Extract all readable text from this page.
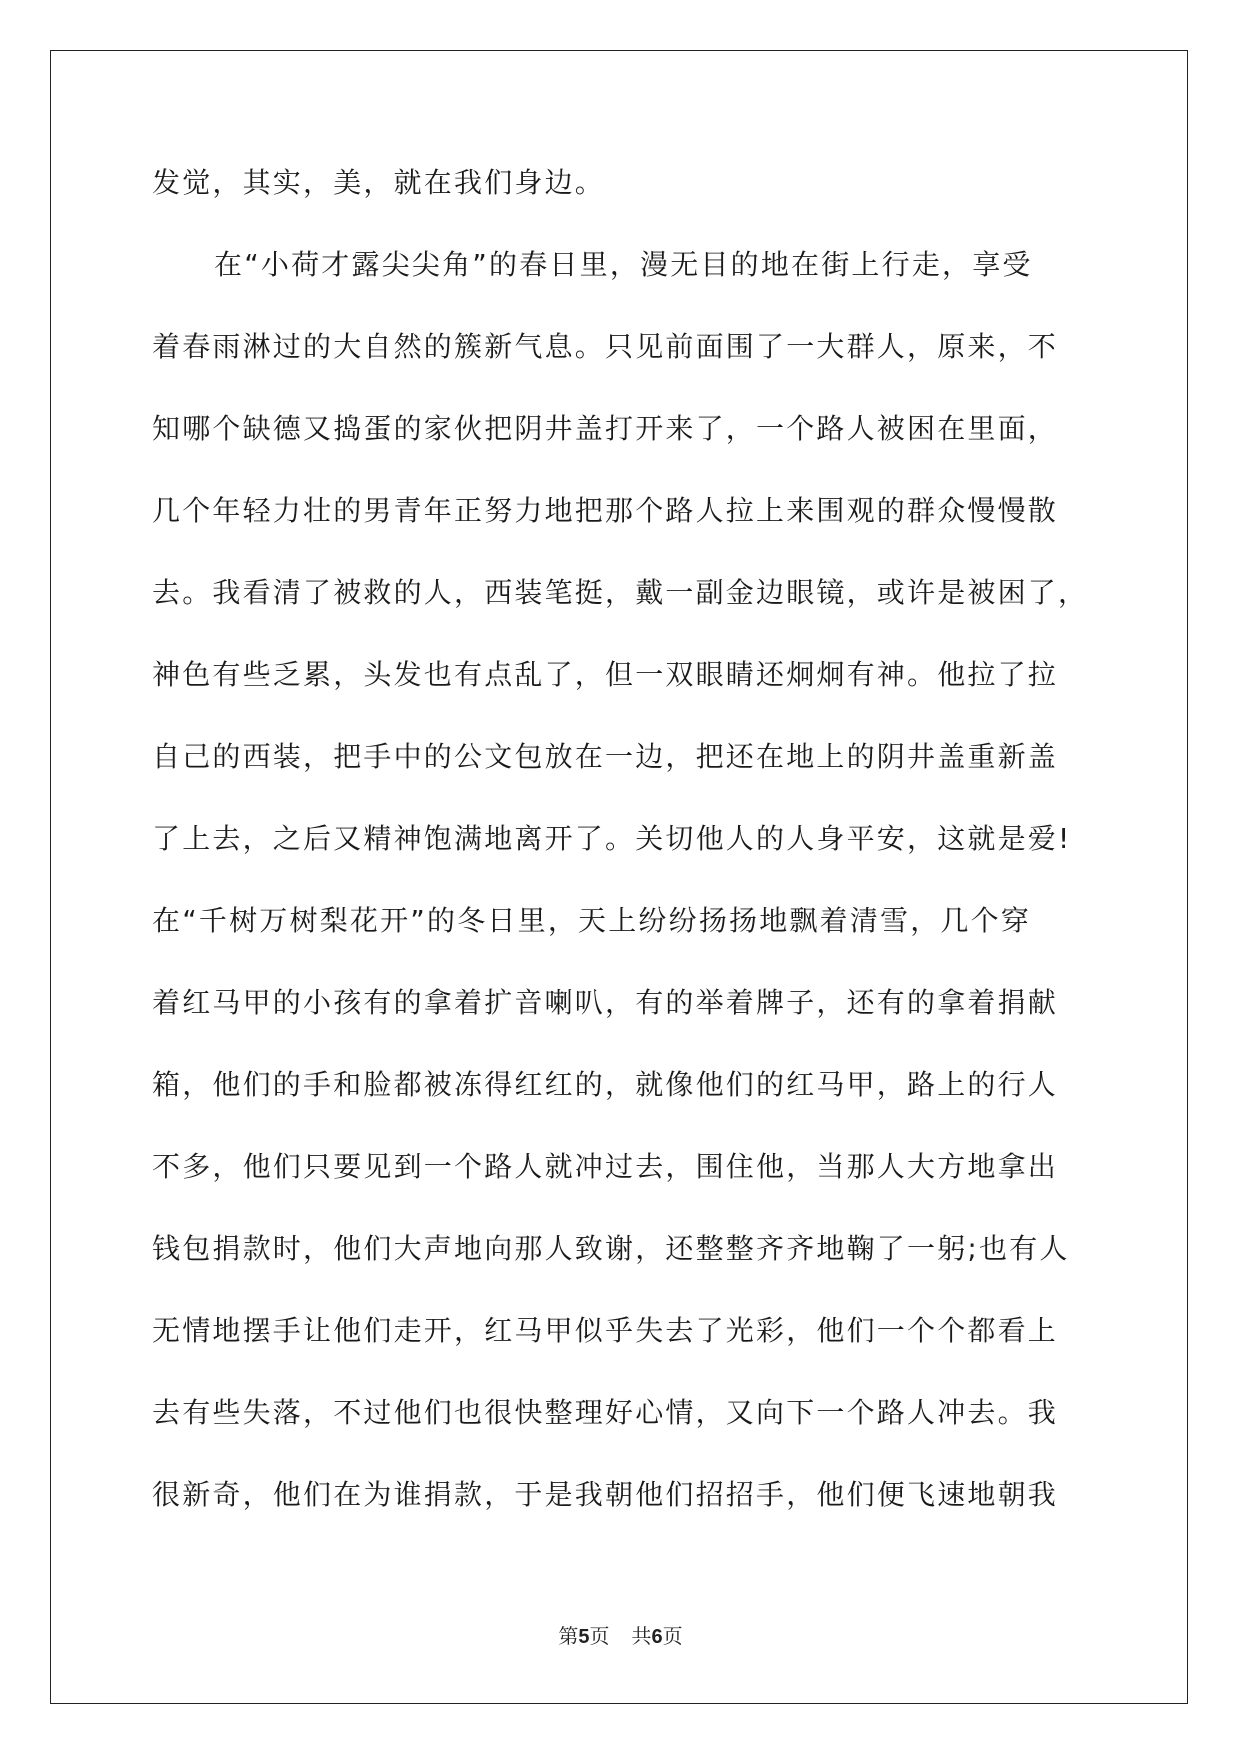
发觉，其实，美，就在我们身边。
在“小荷才露尖尖角”的春日里，漫无目的地在街上行走，享受
着春雨淋过的大自然的簇新气息。只见前面围了一大群人，原来，不
知哪个缺德又捣蛋的家伙把阴井盖打开来了，一个路人被困在里面，
几个年轻力壮的男青年正努力地把那个路人拉上来围观的群众慢慢散
去。我看清了被救的人，西装笔挺，戴一副金边眼镜，或许是被困了，
神色有些乏累，头发也有点乱了，但一双眼睛还炯炯有神。他拉了拉
自己的西装，把手中的公文包放在一边，把还在地上的阴井盖重新盖
了上去，之后又精神饱满地离开了。关切他人的人身平安，这就是爱!
在“千树万树梨花开”的冬日里，天上纷纷扬扬地飘着清雪，几个穿
着红马甲的小孩有的拿着扩音喇叭，有的举着牌子，还有的拿着捐献
箱，他们的手和脸都被冻得红红的，就像他们的红马甲，路上的行人
不多，他们只要见到一个路人就冲过去，围住他，当那人大方地拿出
钱包捐款时，他们大声地向那人致谢，还整整齐齐地鞠了一躬;也有人
无情地摆手让他们走开，红马甲似乎失去了光彩，他们一个个都看上
去有些失落，不过他们也很快整理好心情，又向下一个路人冲去。我
很新奇，他们在为谁捐款，于是我朝他们招招手，他们便飞速地朝我
第5页 共6页
